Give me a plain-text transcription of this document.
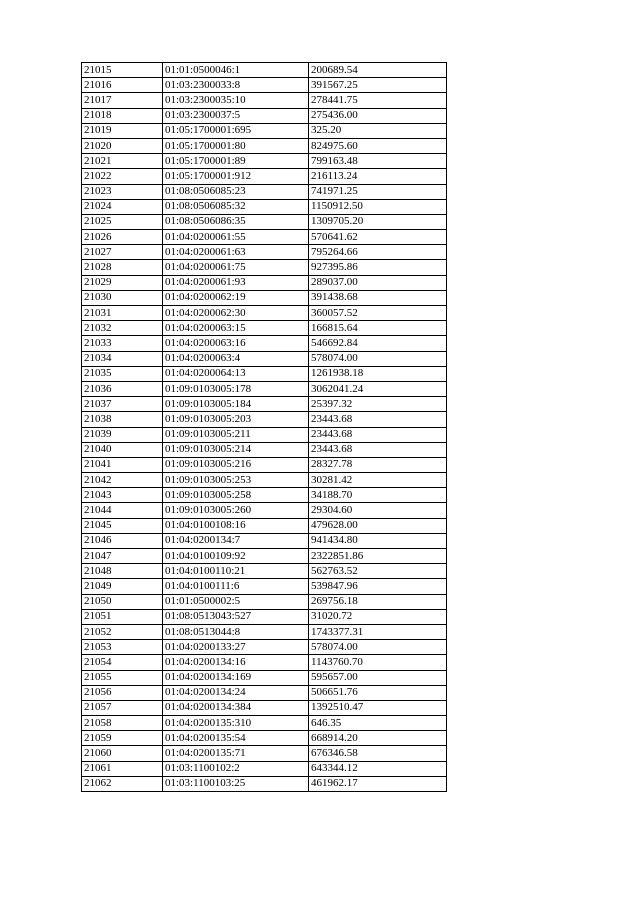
21015	01:01:0500046:1	200689.54
21016	01:03:2300033:8	391567.25
21017	01:03:2300035:10	278441.75
21018	01:03:2300037:5	275436.00
21019	01:05:1700001:695	325.20
21020	01:05:1700001:80	824975.60
21021	01:05:1700001:89	799163.48
21022	01:05:1700001:912	216113.24
21023	01:08:0506085:23	741971.25
21024	01:08:0506085:32	1150912.50
21025	01:08:0506086:35	1309705.20
21026	01:04:0200061:55	570641.62
21027	01:04:0200061:63	795264.66
21028	01:04:0200061:75	927395.86
21029	01:04:0200061:93	289037.00
21030	01:04:0200062:19	391438.68
21031	01:04:0200062:30	360057.52
21032	01:04:0200063:15	166815.64
21033	01:04:0200063:16	546692.84
21034	01:04:0200063:4	578074.00
21035	01:04:0200064:13	1261938.18
21036	01:09:0103005:178	3062041.24
21037	01:09:0103005:184	25397.32
21038	01:09:0103005:203	23443.68
21039	01:09:0103005:211	23443.68
21040	01:09:0103005:214	23443.68
21041	01:09:0103005:216	28327.78
21042	01:09:0103005:253	30281.42
21043	01:09:0103005:258	34188.70
21044	01:09:0103005:260	29304.60
21045	01:04:0100108:16	479628.00
21046	01:04:0200134:7	941434.80
21047	01:04:0100109:92	2322851.86
21048	01:04:0100110:21	562763.52
21049	01:04:0100111:6	539847.96
21050	01:01:0500002:5	269756.18
21051	01:08:0513043:527	31020.72
21052	01:08:0513044:8	1743377.31
21053	01:04:0200133:27	578074.00
21054	01:04:0200134:16	1143760.70
21055	01:04:0200134:169	595657.00
21056	01:04:0200134:24	506651.76
21057	01:04:0200134:384	1392510.47
21058	01:04:0200135:310	646.35
21059	01:04:0200135:54	668914.20
21060	01:04:0200135:71	676346.58
21061	01:03:1100102:2	643344.12
21062	01:03:1100103:25	461962.17
